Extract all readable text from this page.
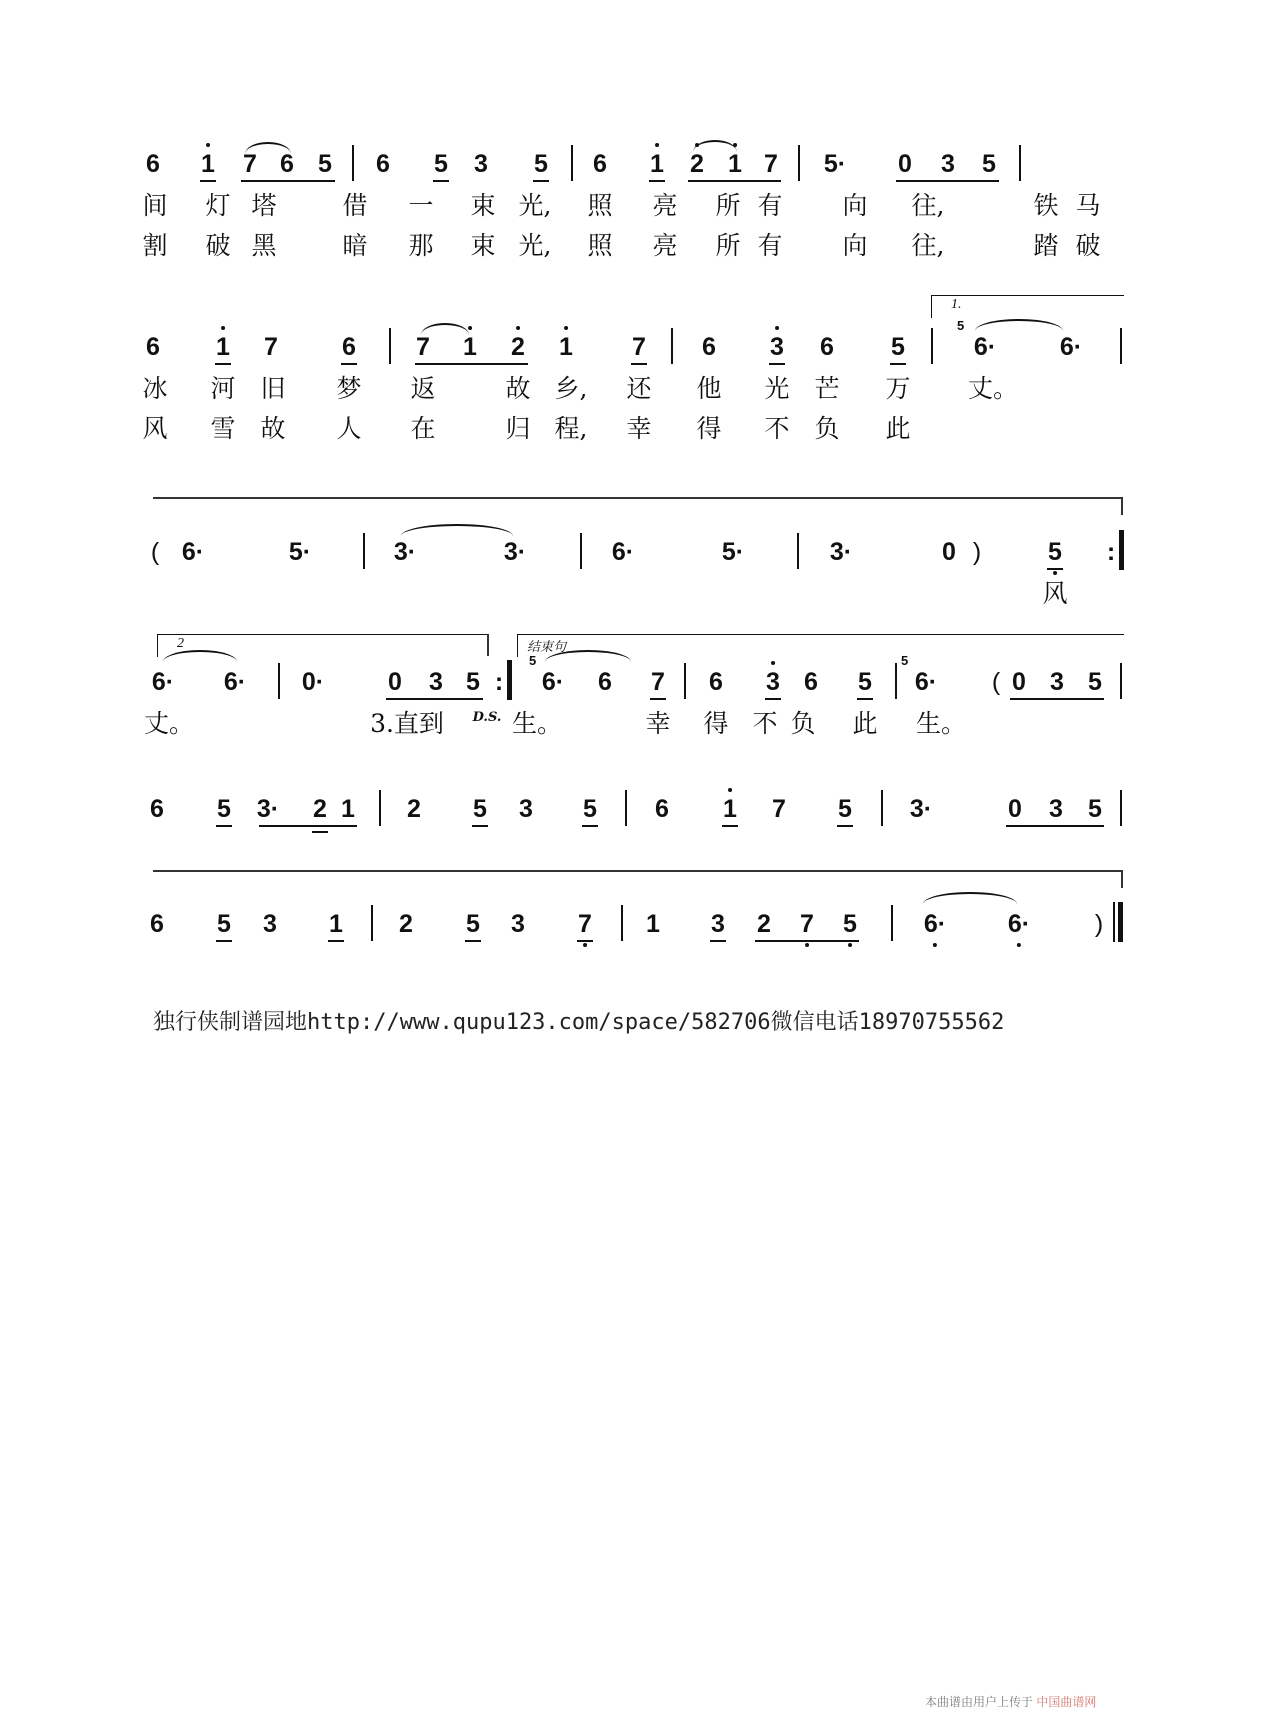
6 1 7 6 5 6 5 3 5 6 1 2 1 7 5· 0 3 5
间 灯 塔	借 一 束 光, 照 亮 所 有 向 往,	铁 马
割 破 黑	暗 那 束 光, 照 亮 所 有 向 往,	踏 破
6 1 7	6 7 1 2 1 7 6 3 6 5
1.
5
6·	6·
冰 河 旧 梦 返	故 乡, 还 他 光 芒 万 丈。
风 雪 故 人 在	归 程, 幸 得 不 负 此
( 6·	5·	3·	3·	6·	5·	3·	0 )	5 :
风
2
6· 6· 0·	0 3 5 :
结束句
5
6· 6 7 6 3 6 5
5
6· ( 0 3 5
丈。	3.直到 D.S. 生。	幸 得 不 负 此 生。
6 5 3· 2 1 2 5 3 5 6 1 7 5 3·	0 3 5
6 5 3 1 2 5 3 7 1 3 2 7 5	6· 6·	)
独行侠制谱园地http://www.qupu123.com/space/582706微信电话18970755562
本曲谱由用户上传于 中国曲谱网
